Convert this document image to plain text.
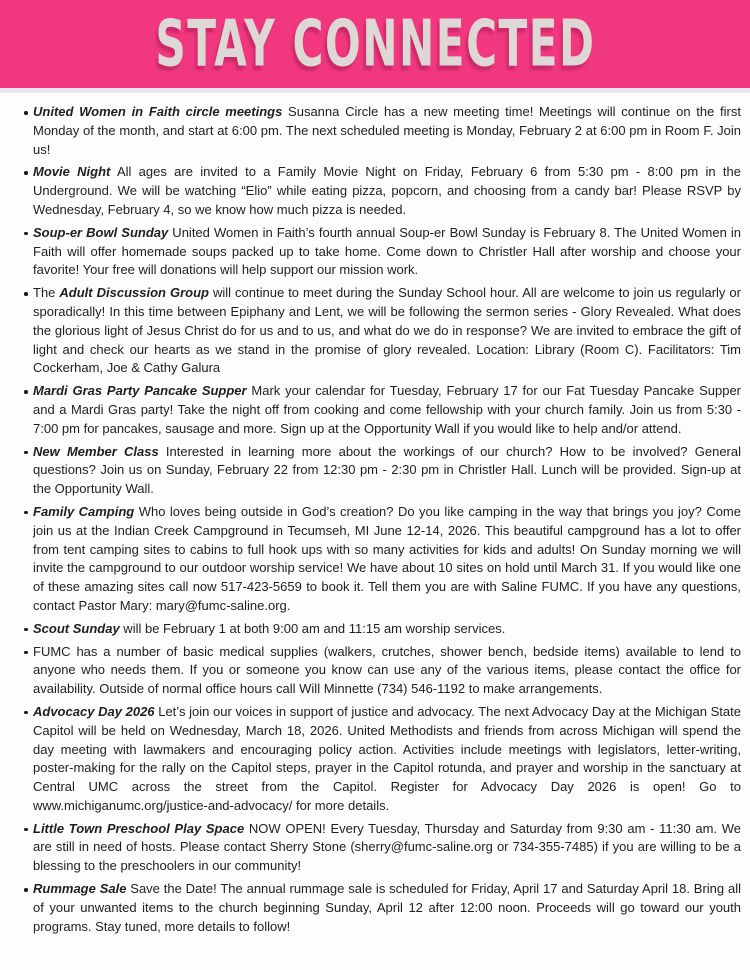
STAY CONNECTED
United Women in Faith circle meetings Susanna Circle has a new meeting time! Meetings will continue on the first Monday of the month, and start at 6:00 pm. The next scheduled meeting is Monday, February 2 at 6:00 pm in Room F. Join us!
Movie Night All ages are invited to a Family Movie Night on Friday, February 6 from 5:30 pm - 8:00 pm in the Underground. We will be watching “Elio” while eating pizza, popcorn, and choosing from a candy bar! Please RSVP by Wednesday, February 4, so we know how much pizza is needed.
Soup-er Bowl Sunday United Women in Faith’s fourth annual Soup-er Bowl Sunday is February 8. The United Women in Faith will offer homemade soups packed up to take home. Come down to Christler Hall after worship and choose your favorite! Your free will donations will help support our mission work.
The Adult Discussion Group will continue to meet during the Sunday School hour. All are welcome to join us regularly or sporadically! In this time between Epiphany and Lent, we will be following the sermon series - Glory Revealed. What does the glorious light of Jesus Christ do for us and to us, and what do we do in response? We are invited to embrace the gift of light and check our hearts as we stand in the promise of glory revealed. Location: Library (Room C). Facilitators: Tim Cockerham, Joe & Cathy Galura
Mardi Gras Party Pancake Supper Mark your calendar for Tuesday, February 17 for our Fat Tuesday Pancake Supper and a Mardi Gras party! Take the night off from cooking and come fellowship with your church family. Join us from 5:30 - 7:00 pm for pancakes, sausage and more. Sign up at the Opportunity Wall if you would like to help and/or attend.
New Member Class Interested in learning more about the workings of our church? How to be involved? General questions? Join us on Sunday, February 22 from 12:30 pm - 2:30 pm in Christler Hall. Lunch will be provided. Sign-up at the Opportunity Wall.
Family Camping Who loves being outside in God’s creation? Do you like camping in the way that brings you joy? Come join us at the Indian Creek Campground in Tecumseh, MI June 12-14, 2026. This beautiful campground has a lot to offer from tent camping sites to cabins to full hook ups with so many activities for kids and adults! On Sunday morning we will invite the campground to our outdoor worship service! We have about 10 sites on hold until March 31. If you would like one of these amazing sites call now 517-423-5659 to book it. Tell them you are with Saline FUMC. If you have any questions, contact Pastor Mary: mary@fumc-saline.org.
Scout Sunday will be February 1 at both 9:00 am and 11:15 am worship services.
FUMC has a number of basic medical supplies (walkers, crutches, shower bench, bedside items) available to lend to anyone who needs them. If you or someone you know can use any of the various items, please contact the office for availability. Outside of normal office hours call Will Minnette (734) 546-1192 to make arrangements.
Advocacy Day 2026 Let’s join our voices in support of justice and advocacy. The next Advocacy Day at the Michigan State Capitol will be held on Wednesday, March 18, 2026. United Methodists and friends from across Michigan will spend the day meeting with lawmakers and encouraging policy action. Activities include meetings with legislators, letter-writing, poster-making for the rally on the Capitol steps, prayer in the Capitol rotunda, and prayer and worship in the sanctuary at Central UMC across the street from the Capitol. Register for Advocacy Day 2026 is open! Go to www.michiganumc.org/justice-and-advocacy/ for more details.
Little Town Preschool Play Space NOW OPEN! Every Tuesday, Thursday and Saturday from 9:30 am - 11:30 am. We are still in need of hosts. Please contact Sherry Stone (sherry@fumc-saline.org or 734-355-7485) if you are willing to be a blessing to the preschoolers in our community!
Rummage Sale Save the Date! The annual rummage sale is scheduled for Friday, April 17 and Saturday April 18. Bring all of your unwanted items to the church beginning Sunday, April 12 after 12:00 noon. Proceeds will go toward our youth programs. Stay tuned, more details to follow!
